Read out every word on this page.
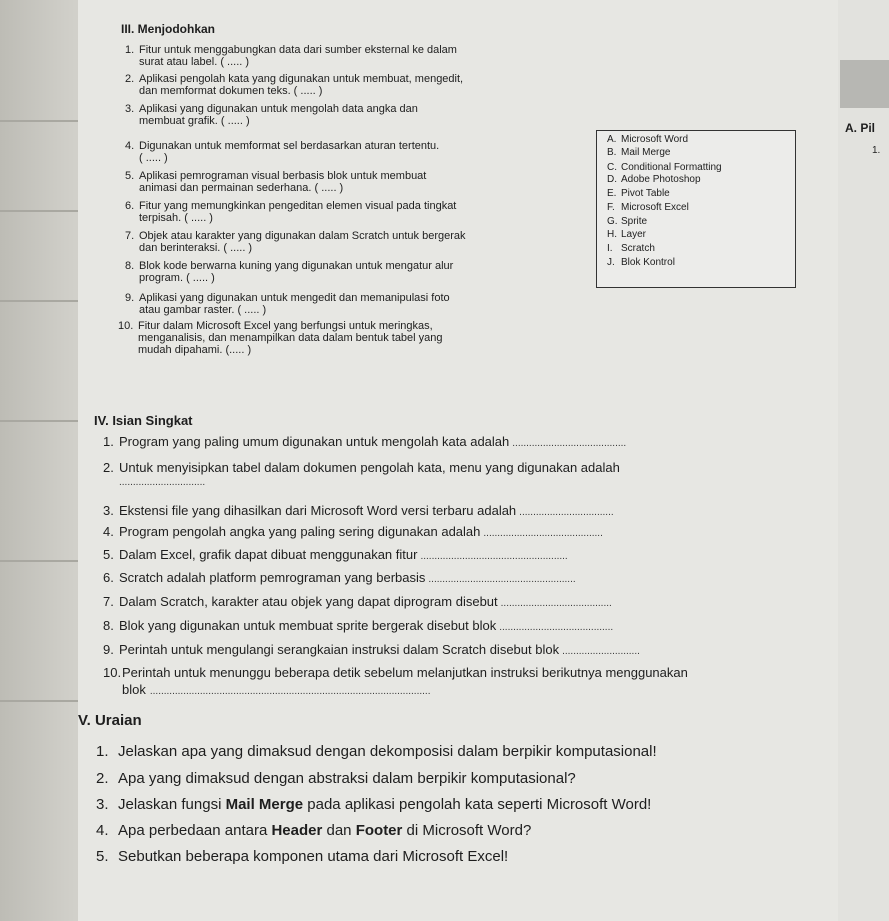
A. Pil
1.
III. Menjodohkan
1. Fitur untuk menggabungkan data dari sumber eksternal ke dalam
surat atau label. ( ..... )
2. Aplikasi pengolah kata yang digunakan untuk membuat, mengedit,
dan memformat dokumen teks. ( ..... )
3. Aplikasi yang digunakan untuk mengolah data angka dan
membuat grafik. ( ..... )
4. Digunakan untuk memformat sel berdasarkan aturan tertentu.
( ..... )
5. Aplikasi pemrograman visual berbasis blok untuk membuat
animasi dan permainan sederhana. ( ..... )
6. Fitur yang memungkinkan pengeditan elemen visual pada tingkat
terpisah. ( ..... )
7. Objek atau karakter yang digunakan dalam Scratch untuk bergerak
dan berinteraksi. ( ..... )
8. Blok kode berwarna kuning yang digunakan untuk mengatur alur
program. ( ..... )
9. Aplikasi yang digunakan untuk mengedit dan memanipulasi foto
atau gambar raster. ( ..... )
10. Fitur dalam Microsoft Excel yang berfungsi untuk meringkas,
menganalisis, dan menampilkan data dalam bentuk tabel yang
mudah dipahami. (..... )
A. Microsoft Word
B. Mail Merge
C. Conditional Formatting
D. Adobe Photoshop
E. Pivot Table
F. Microsoft Excel
G. Sprite
H. Layer
I. Scratch
J. Blok Kontrol
IV. Isian Singkat
1. Program yang paling umum digunakan untuk mengolah kata adalah .........................................
2. Untuk menyisipkan tabel dalam dokumen pengolah kata, menu yang digunakan adalah
...............................
3. Ekstensi file yang dihasilkan dari Microsoft Word versi terbaru adalah ..................................
4. Program pengolah angka yang paling sering digunakan adalah ...........................................
5. Dalam Excel, grafik dapat dibuat menggunakan fitur .....................................................
6. Scratch adalah platform pemrograman yang berbasis .....................................................
7. Dalam Scratch, karakter atau objek yang dapat diprogram disebut ........................................
8. Blok yang digunakan untuk membuat sprite bergerak disebut blok .........................................
9. Perintah untuk mengulangi serangkaian instruksi dalam Scratch disebut blok ............................
10.Perintah untuk menunggu beberapa detik sebelum melanjutkan instruksi berikutnya menggunakan
blok .....................................................................................................
V. Uraian
1. Jelaskan apa yang dimaksud dengan dekomposisi dalam berpikir komputasional!
2. Apa yang dimaksud dengan abstraksi dalam berpikir komputasional?
3. Jelaskan fungsi Mail Merge pada aplikasi pengolah kata seperti Microsoft Word!
4. Apa perbedaan antara Header dan Footer di Microsoft Word?
5. Sebutkan beberapa komponen utama dari Microsoft Excel!
